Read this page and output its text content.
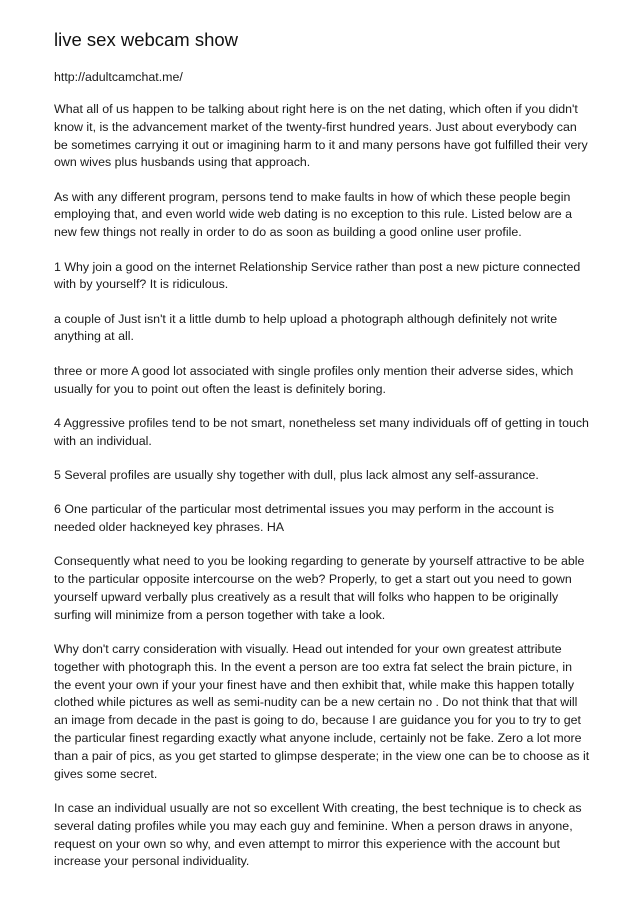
live sex webcam show

http://adultcamchat.me/

What all of us happen to be talking about right here is on the net dating, which often if you didn't know it, is the advancement market of the twenty-first hundred years. Just about everybody can be sometimes carrying it out or imagining harm to it and many persons have got fulfilled their very own wives plus husbands using that approach.

As with any different program, persons tend to make faults in how of which these people begin employing that, and even world wide web dating is no exception to this rule. Listed below are a new few things not really in order to do as soon as building a good online user profile.

1 Why join a good on the internet Relationship Service rather than post a new picture connected with by yourself? It is ridiculous.

a couple of Just isn't it a little dumb to help upload a photograph although definitely not write anything at all.

three or more A good lot associated with single profiles only mention their adverse sides, which usually for you to point out often the least is definitely boring.

4 Aggressive profiles tend to be not smart, nonetheless set many individuals off of getting in touch with an individual.

5 Several profiles are usually shy together with dull, plus lack almost any self-assurance.

6 One particular of the particular most detrimental issues you may perform in the account is needed older hackneyed key phrases. HA

Consequently what need to you be looking regarding to generate by yourself attractive to be able to the particular opposite intercourse on the web? Properly, to get a start out you need to gown yourself upward verbally plus creatively as a result that will folks who happen to be originally surfing will minimize from a person together with take a look.

Why don't carry consideration with visually. Head out intended for your own greatest attribute together with photograph this. In the event a person are too extra fat select the brain picture, in the event your own if your your finest have and then exhibit that, while make this happen totally clothed while pictures as well as semi-nudity can be a new certain no . Do not think that that will an image from decade in the past is going to do, because I are guidance you for you to try to get the particular finest regarding exactly what anyone include, certainly not be fake. Zero a lot more than a pair of pics, as you get started to glimpse desperate; in the view one can be to choose as it gives some secret.

In case an individual usually are not so excellent With creating, the best technique is to check as several dating profiles while you may each guy and feminine. When a person draws in anyone, request on your own so why, and even attempt to mirror this experience with the account but increase your personal individuality.
